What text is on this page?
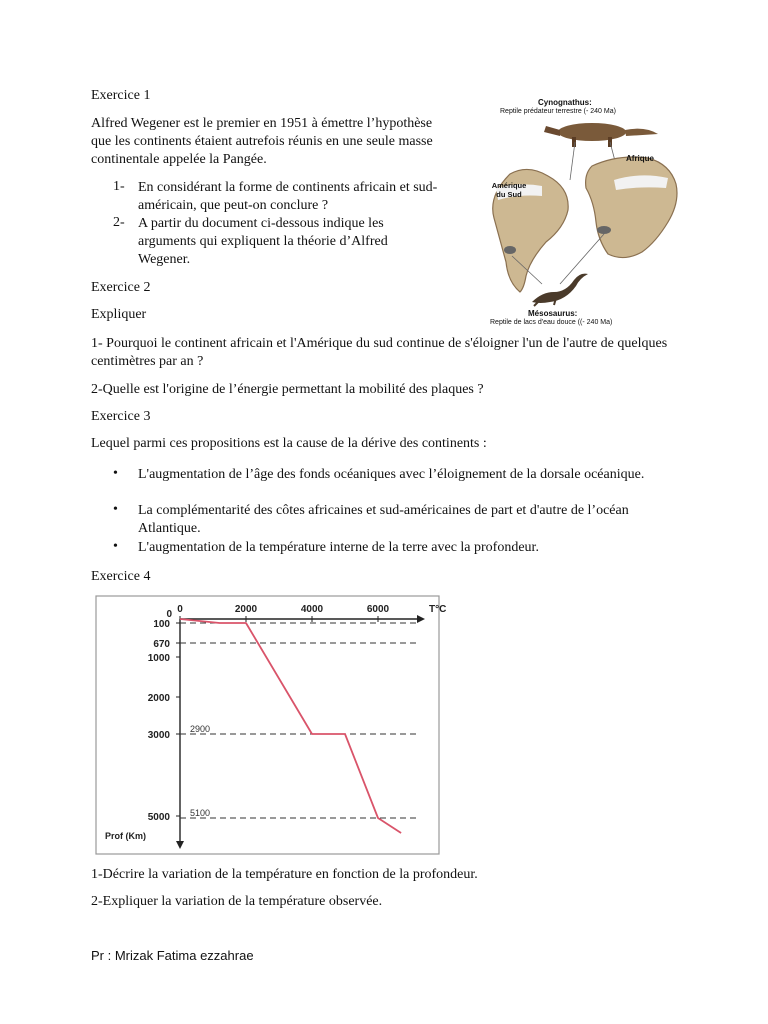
Exercice 1

Alfred Wegener est le premier en 1951 à émettre l’hypothèse que les continents étaient autrefois réunis en une seule masse continentale appelée la Pangée.

1- En considérant la forme de continents africain et sud-américain, que peut-on conclure ?

2- A partir du document ci-dessous indique les arguments qui expliquent la théorie d’Alfred Wegener.

Cynognathus:
Reptile prédateur terrestre (- 240 Ma)
Amérique du Sud
Afrique
Mésosaurus:
Reptile de lacs d'eau douce ((- 240 Ma)

Exercice 2

Expliquer

1- Pourquoi le continent africain et l'Amérique du sud continue de s'éloigner l'un de l'autre de quelques centimètres par an ?

2-Quelle est l'origine de l’énergie permettant la mobilité des plaques ?

Exercice 3

Lequel parmi ces propositions est la cause de la dérive des continents :

• L'augmentation de l’âge des fonds océaniques avec l’éloignement de la dorsale océanique.

• La complémentarité des côtes africaines et sud-américaines de part et d'autre de l’océan Atlantique.

• L'augmentation de la température interne de la terre avec la profondeur.

Exercice 4

0	2000	4000	6000	T°C
0
100
670
1000
2000
3000
5000
Prof (Km)
2900
5100

1-Décrire la variation de la température en fonction de la profondeur.

2-Expliquer la variation de la température observée.

Pr : Mrizak Fatima ezzahrae
